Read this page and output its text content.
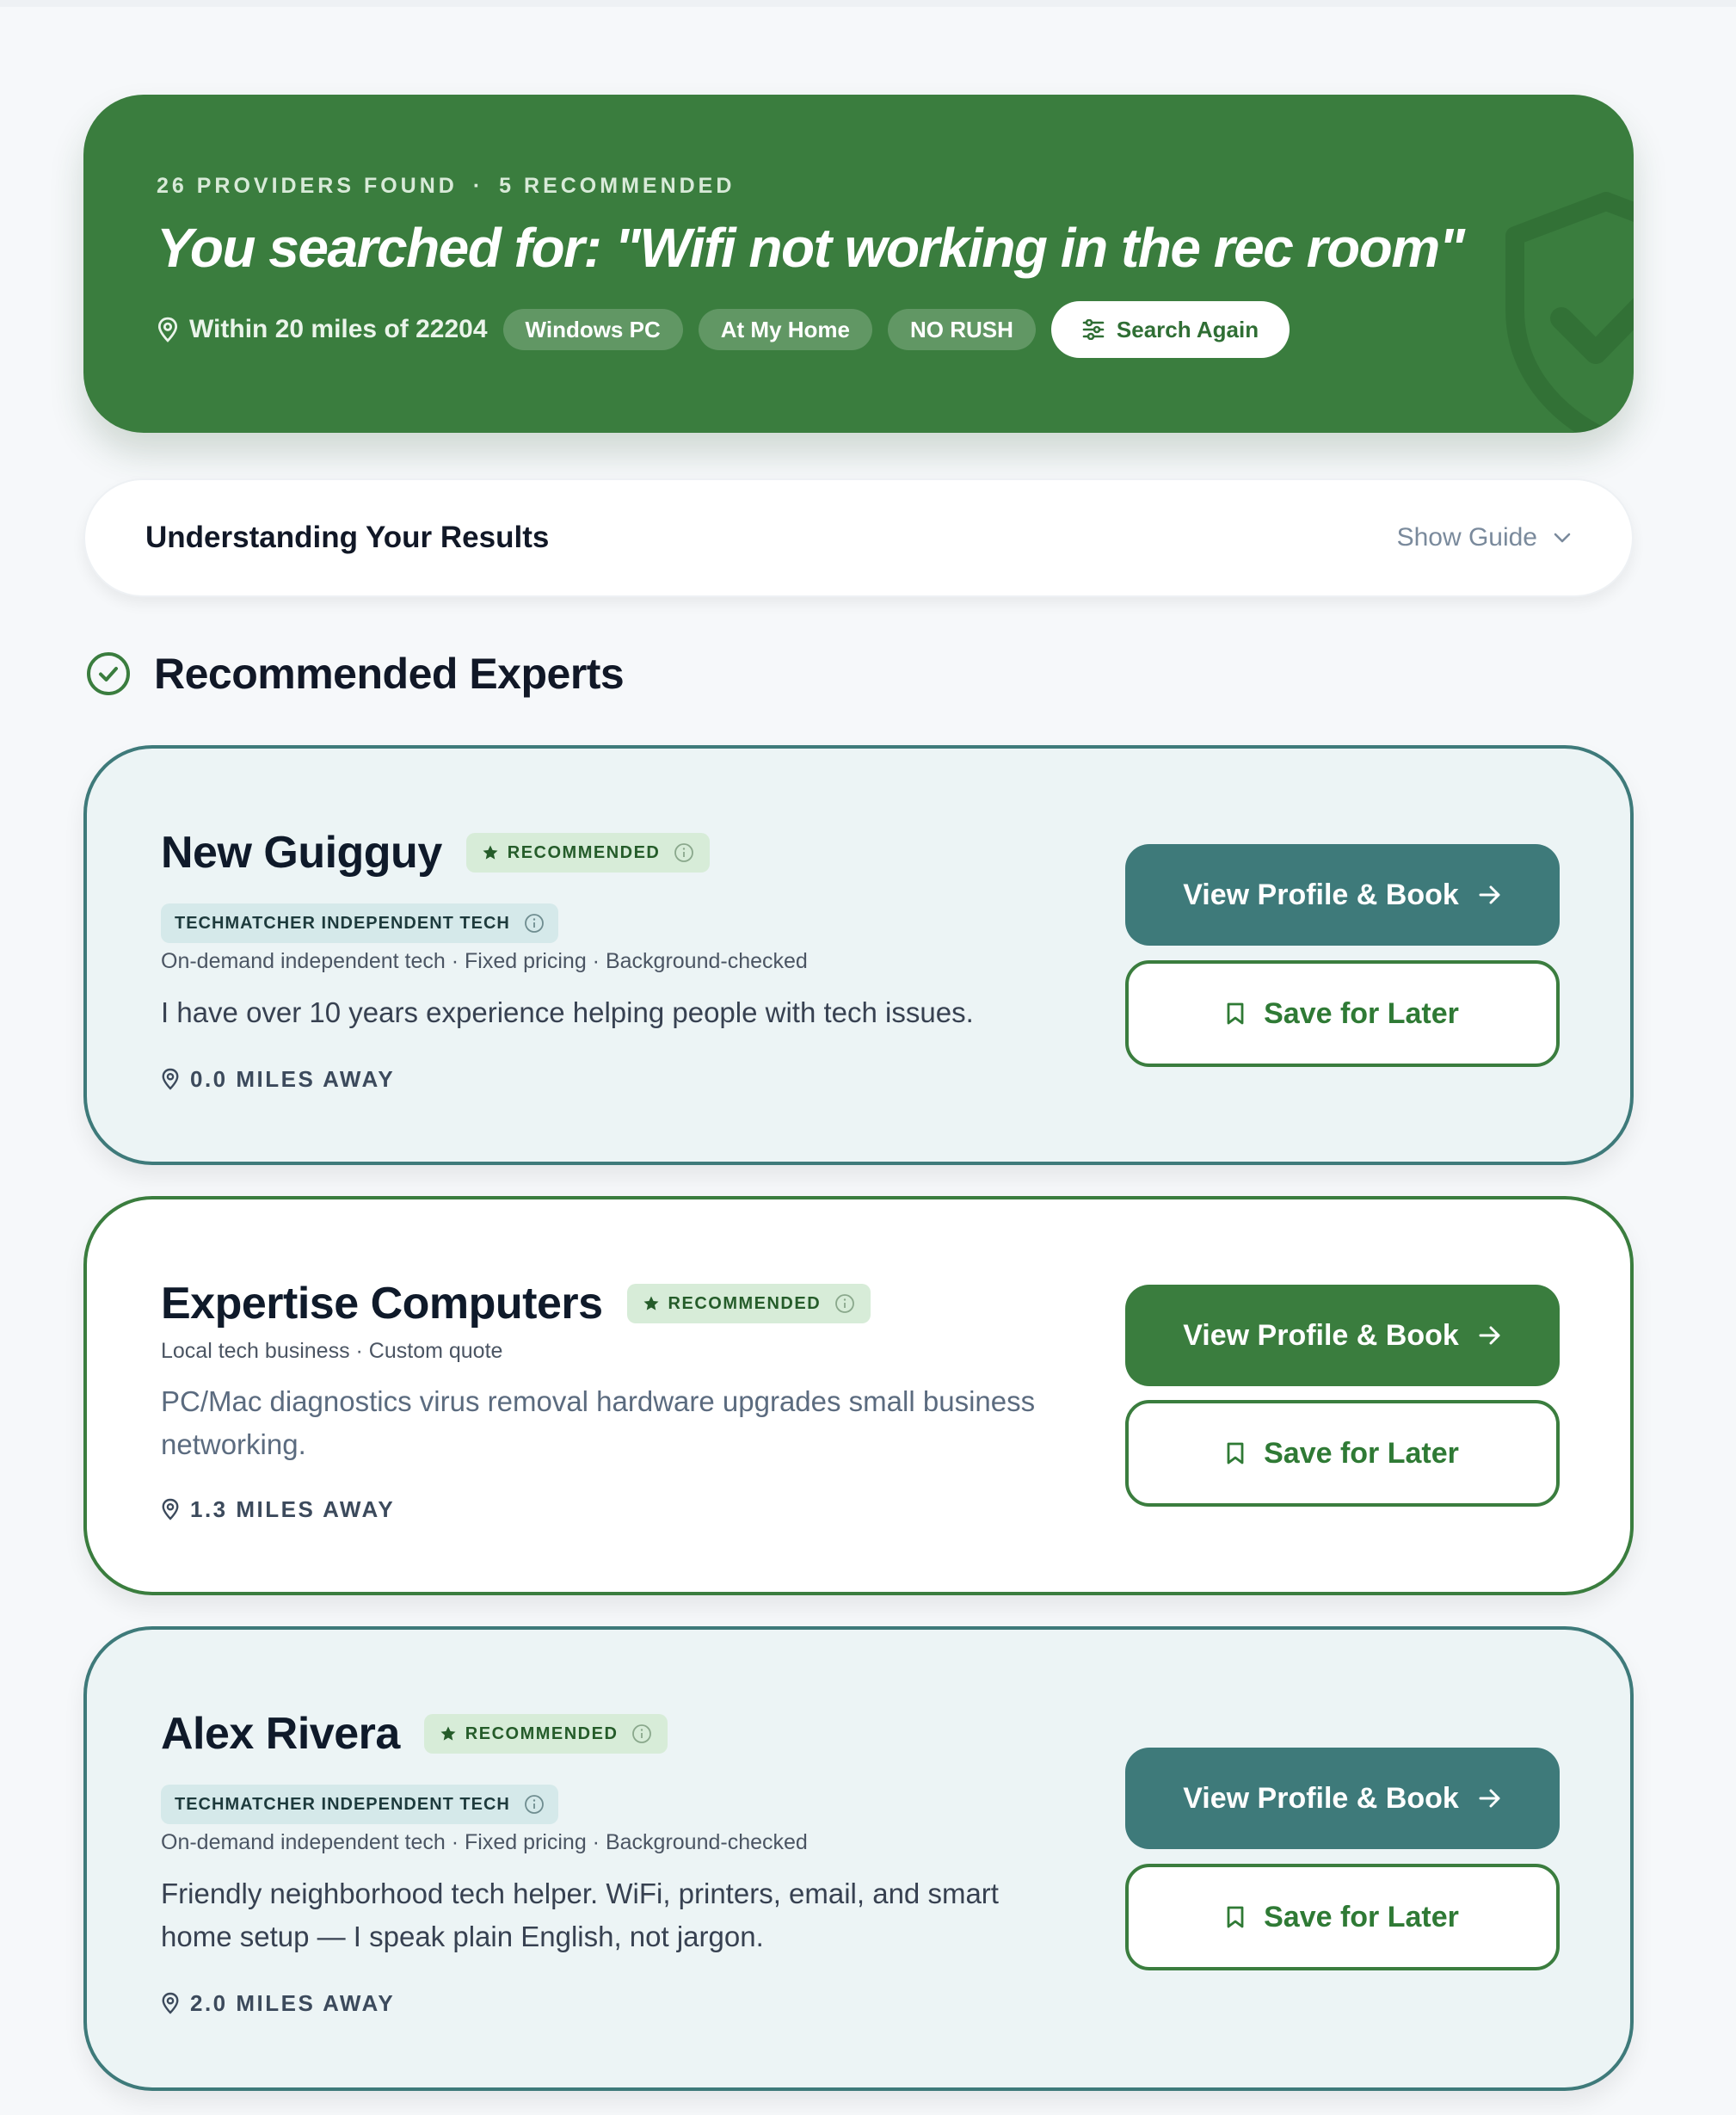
26 PROVIDERS FOUND · 5 RECOMMENDED
You searched for: "Wifi not working in the rec room"
Within 20 miles of 22204	Windows PC	At My Home	NO RUSH	Search Again
Understanding Your Results	Show Guide
Recommended Experts
New Guigguy	RECOMMENDED
TECHMATCHER INDEPENDENT TECH
On-demand independent tech · Fixed pricing · Background-checked
I have over 10 years experience helping people with tech issues.
0.0 MILES AWAY
View Profile & Book
Save for Later
Expertise Computers	RECOMMENDED
Local tech business · Custom quote
PC/Mac diagnostics virus removal hardware upgrades small business networking.
1.3 MILES AWAY
View Profile & Book
Save for Later
Alex Rivera	RECOMMENDED
TECHMATCHER INDEPENDENT TECH
On-demand independent tech · Fixed pricing · Background-checked
Friendly neighborhood tech helper. WiFi, printers, email, and smart home setup — I speak plain English, not jargon.
2.0 MILES AWAY
View Profile & Book
Save for Later
